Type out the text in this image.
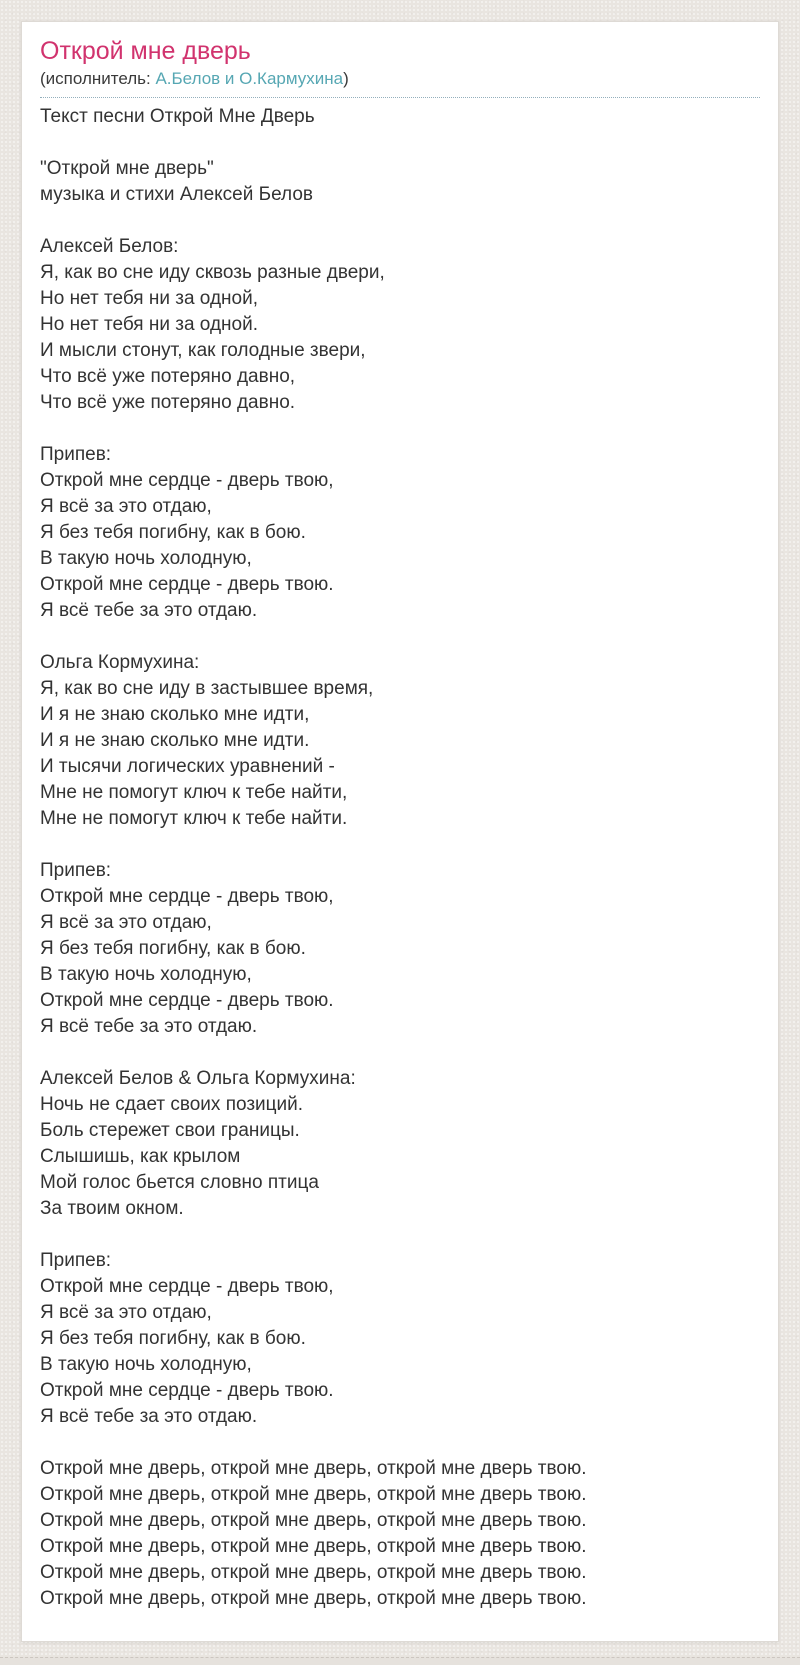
Открой мне дверь
(исполнитель: А.Белов и О.Кармухина)

Текст песни Открой Мне Дверь

"Открой мне дверь"
музыка и стихи Алексей Белов

Алексей Белов:
Я, как во сне иду сквозь разные двери,
Но нет тебя ни за одной,
Но нет тебя ни за одной.
И мысли стонут, как голодные звери,
Что всё уже потеряно давно,
Что всё уже потеряно давно.

Припев:
Открой мне сердце - дверь твою,
Я всё за это отдаю,
Я без тебя погибну, как в бою.
В такую ночь холодную,
Открой мне сердце - дверь твою.
Я всё тебе за это отдаю.

Ольга Кормухина:
Я, как во сне иду в застывшее время,
И я не знаю сколько мне идти,
И я не знаю сколько мне идти.
И тысячи логических уравнений -
Мне не помогут ключ к тебе найти,
Мне не помогут ключ к тебе найти.

Припев:
Открой мне сердце - дверь твою,
Я всё за это отдаю,
Я без тебя погибну, как в бою.
В такую ночь холодную,
Открой мне сердце - дверь твою.
Я всё тебе за это отдаю.

Алексей Белов & Ольга Кормухина:
Ночь не сдает своих позиций.
Боль стережет свои границы.
Слышишь, как крылом
Мой голос бьется словно птица
За твоим окном.

Припев:
Открой мне сердце - дверь твою,
Я всё за это отдаю,
Я без тебя погибну, как в бою.
В такую ночь холодную,
Открой мне сердце - дверь твою.
Я всё тебе за это отдаю.

Открой мне дверь, открой мне дверь, открой мне дверь твою.
Открой мне дверь, открой мне дверь, открой мне дверь твою.
Открой мне дверь, открой мне дверь, открой мне дверь твою.
Открой мне дверь, открой мне дверь, открой мне дверь твою.
Открой мне дверь, открой мне дверь, открой мне дверь твою.
Открой мне дверь, открой мне дверь, открой мне дверь твою.
